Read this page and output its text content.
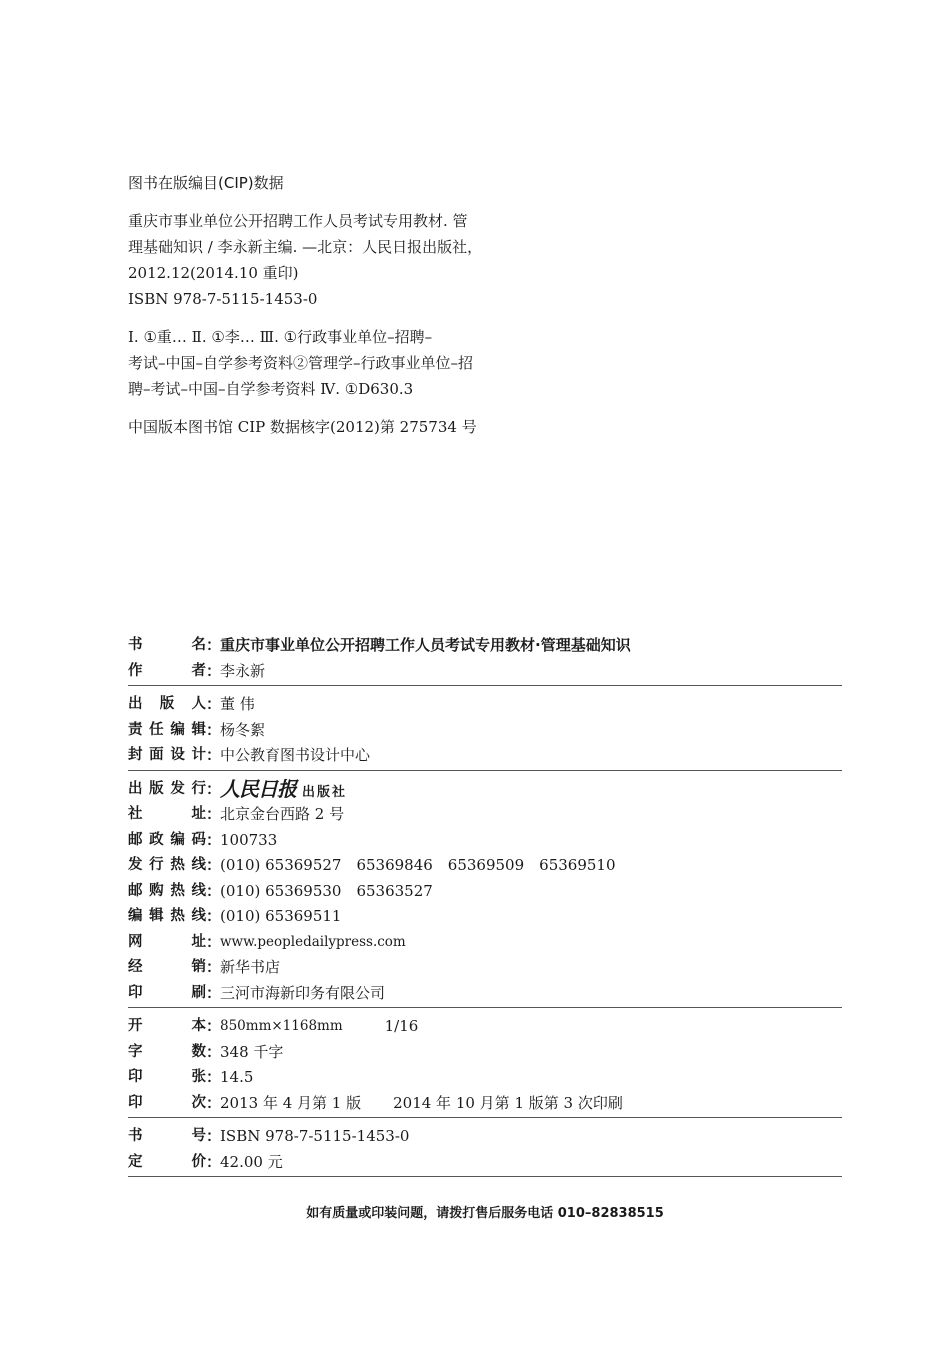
图书在版编目(CIP)数据
重庆市事业单位公开招聘工作人员考试专用教材. 管
理基础知识 / 李永新主编. —北京：人民日报出版社，
2012.12(2014.10 重印)
ISBN 978-7-5115-1453-0
Ⅰ. ①重… Ⅱ. ①李… Ⅲ. ①行政事业单位–招聘–
考试–中国–自学参考资料②管理学–行政事业单位–招
聘–考试–中国–自学参考资料 Ⅳ. ①D630.3
中国版本图书馆 CIP 数据核字(2012)第 275734 号
书名 ：
重庆市事业单位公开招聘工作人员考试专用教材·管理基础知识
作者 ：
李永新
出版人 ：
董 伟
责任编辑 ：
杨冬絮
封面设计 ：
中公教育图书设计中心
出版发行 ：
人民日报 出版社
社址 ：
北京金台西路 2 号
邮政编码 ：
100733
发行热线 ：
(010) 65369527　65369846　65369509　65369510
邮购热线 ：
(010) 65369530　65363527
编辑热线 ：
(010) 65369511
网址 ：
www.peopledailypress.com
经销 ：
新华书店
印刷 ：
三河市海新印务有限公司
开本 ：
850mm×1168mm	1/16
字数 ：
348 千字
印张 ：
14.5
印次 ：
2013 年 4 月第 1 版 2014 年 10 月第 1 版第 3 次印刷
书号 ：
ISBN 978-7-5115-1453-0
定价 ：
42.00 元
如有质量或印装问题，请拨打售后服务电话 010–82838515
